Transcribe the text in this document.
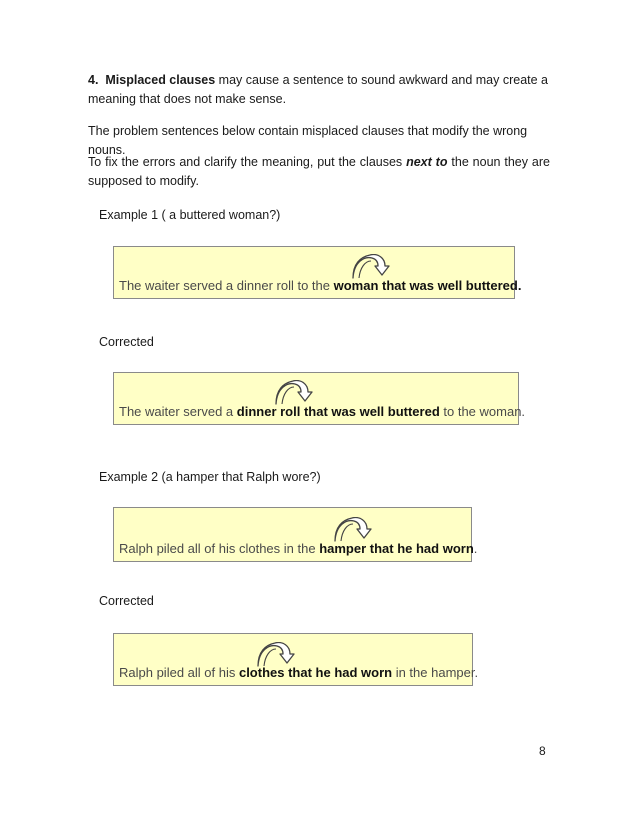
4. Misplaced clauses may cause a sentence to sound awkward and may create a meaning that does not make sense.

The problem sentences below contain misplaced clauses that modify the wrong nouns.

To fix the errors and clarify the meaning, put the clauses next to the noun they are supposed to modify.

Example 1 ( a buttered woman?)

The waiter served a dinner roll to the woman that was well buttered.

Corrected

The waiter served a dinner roll that was well buttered to the woman.

Example 2 (a hamper that Ralph wore?)

Ralph piled all of his clothes in the hamper that he had worn.

Corrected

Ralph piled all of his clothes that he had worn in the hamper.
8
